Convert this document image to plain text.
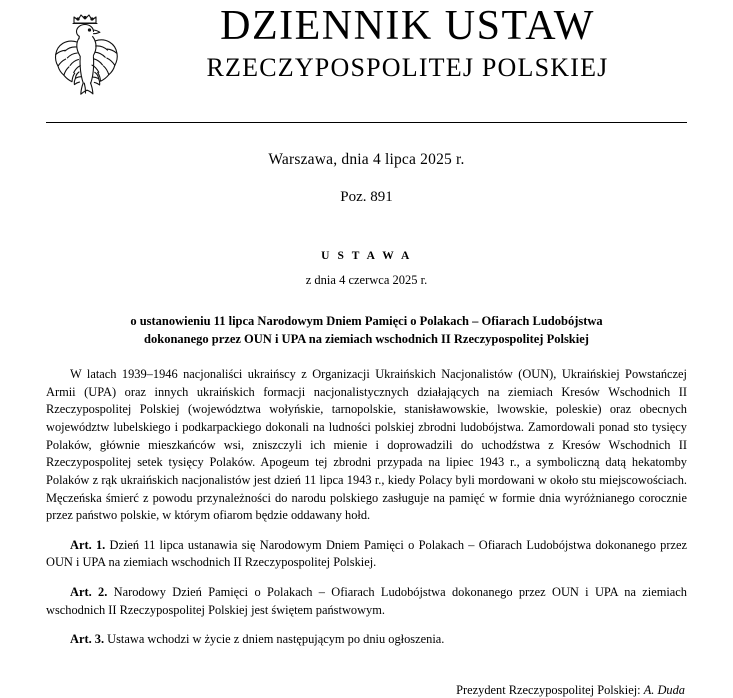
DZIENNIK USTAW
RZECZYPOSPOLITEJ POLSKIEJ
Warszawa, dnia 4 lipca 2025 r.
Poz. 891
U S T A W A
z dnia 4 czerwca 2025 r.
o ustanowieniu 11 lipca Narodowym Dniem Pamięci o Polakach – Ofiarach Ludobójstwa
dokonanego przez OUN i UPA na ziemiach wschodnich II Rzeczypospolitej Polskiej

W latach 1939–1946 nacjonaliści ukraińscy z Organizacji Ukraińskich Nacjonalistów (OUN), Ukraińskiej Powstańczej Armii (UPA) oraz innych ukraińskich formacji nacjonalistycznych działających na ziemiach Kresów Wschodnich II Rzeczypospolitej Polskiej (województwa wołyńskie, tarnopolskie, stanisławowskie, lwowskie, poleskie) oraz obecnych województw lubelskiego i podkarpackiego dokonali na ludności polskiej zbrodni ludobójstwa. Zamordowali ponad sto tysięcy Polaków, głównie mieszkańców wsi, zniszczyli ich mienie i doprowadzili do uchodźstwa z Kresów Wschodnich II Rzeczypospolitej setek tysięcy Polaków. Apogeum tej zbrodni przypada na lipiec 1943 r., a symboliczną datą hekatomby Polaków z rąk ukraińskich nacjonalistów jest dzień 11 lipca 1943 r., kiedy Polacy byli mordowani w około stu miejscowościach. Męczeńska śmierć z powodu przynależności do narodu polskiego zasługuje na pamięć w formie dnia wyróżnianego corocznie przez państwo polskie, w którym ofiarom będzie oddawany hołd.

Art. 1. Dzień 11 lipca ustanawia się Narodowym Dniem Pamięci o Polakach – Ofiarach Ludobójstwa dokonanego przez OUN i UPA na ziemiach wschodnich II Rzeczypospolitej Polskiej.

Art. 2. Narodowy Dzień Pamięci o Polakach – Ofiarach Ludobójstwa dokonanego przez OUN i UPA na ziemiach wschodnich II Rzeczypospolitej Polskiej jest świętem państwowym.

Art. 3. Ustawa wchodzi w życie z dniem następującym po dniu ogłoszenia.

Prezydent Rzeczypospolitej Polskiej: A. Duda
